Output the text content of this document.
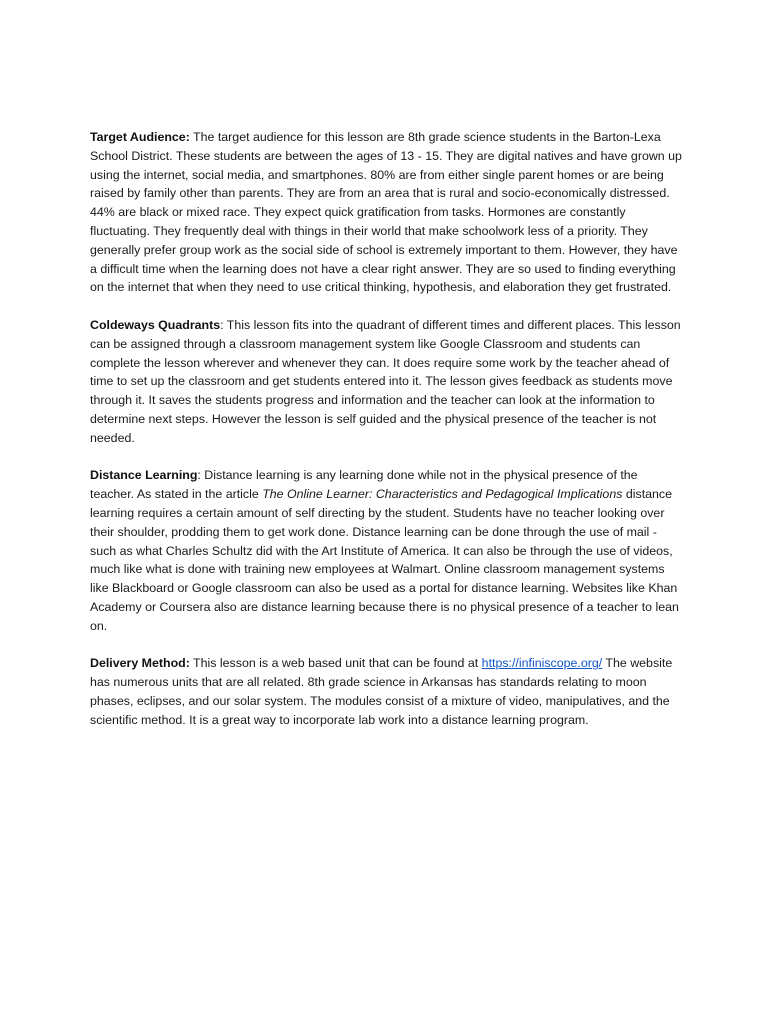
Target Audience: The target audience for this lesson are 8th grade science students in the Barton-Lexa School District. These students are between the ages of 13 - 15. They are digital natives and have grown up using the internet, social media, and smartphones. 80% are from either single parent homes or are being raised by family other than parents. They are from an area that is rural and socio-economically distressed. 44% are black or mixed race. They expect quick gratification from tasks. Hormones are constantly fluctuating. They frequently deal with things in their world that make schoolwork less of a priority. They generally prefer group work as the social side of school is extremely important to them. However, they have a difficult time when the learning does not have a clear right answer. They are so used to finding everything on the internet that when they need to use critical thinking, hypothesis, and elaboration they get frustrated.

Coldeways Quadrants: This lesson fits into the quadrant of different times and different places. This lesson can be assigned through a classroom management system like Google Classroom and students can complete the lesson wherever and whenever they can. It does require some work by the teacher ahead of time to set up the classroom and get students entered into it. The lesson gives feedback as students move through it. It saves the students progress and information and the teacher can look at the information to determine next steps. However the lesson is self guided and the physical presence of the teacher is not needed.

Distance Learning: Distance learning is any learning done while not in the physical presence of the teacher. As stated in the article The Online Learner: Characteristics and Pedagogical Implications distance learning requires a certain amount of self directing by the student. Students have no teacher looking over their shoulder, prodding them to get work done. Distance learning can be done through the use of mail - such as what Charles Schultz did with the Art Institute of America. It can also be through the use of videos, much like what is done with training new employees at Walmart. Online classroom management systems like Blackboard or Google classroom can also be used as a portal for distance learning. Websites like Khan Academy or Coursera also are distance learning because there is no physical presence of a teacher to lean on.

Delivery Method: This lesson is a web based unit that can be found at https://infiniscope.org/ The website has numerous units that are all related. 8th grade science in Arkansas has standards relating to moon phases, eclipses, and our solar system. The modules consist of a mixture of video, manipulatives, and the scientific method. It is a great way to incorporate lab work into a distance learning program.
